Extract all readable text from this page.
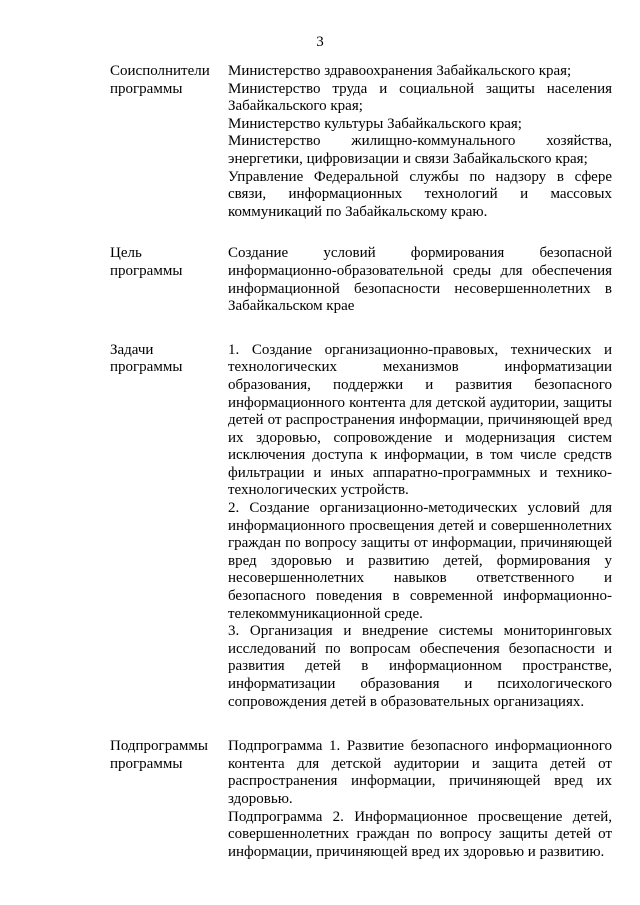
3
Соисполнители
программы

Министерство здравоохранения Забайкальского края;

Министерство труда и социальной защиты населения Забайкальского края;

Министерство культуры Забайкальского края;

Министерство жилищно-коммунального хозяйства, энергетики, цифровизации и связи Забайкальского края;

Управление Федеральной службы по надзору в сфере связи, информационных технологий и массовых коммуникаций по Забайкальскому краю.

Цель
программы

Создание условий формирования безопасной информационно-образовательной среды для обеспечения информационной безопасности несовершеннолетних в Забайкальском крае

Задачи
программы

1. Создание организационно-правовых, технических и технологических механизмов информатизации образования, поддержки и развития безопасного информационного контента для детской аудитории, защиты детей от распространения информации, причиняющей вред их здоровью, сопровождение и модернизация систем исключения доступа к информации, в том числе средств фильтрации и иных аппаратно-программных и технико-технологических устройств.

2. Создание организационно-методических условий для информационного просвещения детей и совершеннолетних граждан по вопросу защиты от информации, причиняющей вред здоровью и развитию детей, формирования у несовершеннолетних навыков ответственного и безопасного поведения в современной информационно-телекоммуникационной среде.

3. Организация и внедрение системы мониторинговых исследований по вопросам обеспечения безопасности и развития детей в информационном пространстве, информатизации образования и психологического сопровождения детей в образовательных организациях.

Подпрограммы
программы

Подпрограмма 1. Развитие безопасного информационного контента для детской аудитории и защита детей от распространения информации, причиняющей вред их здоровью.

Подпрограмма 2. Информационное просвещение детей, совершеннолетних граждан по вопросу защиты детей от информации, причиняющей вред их здоровью и развитию.
